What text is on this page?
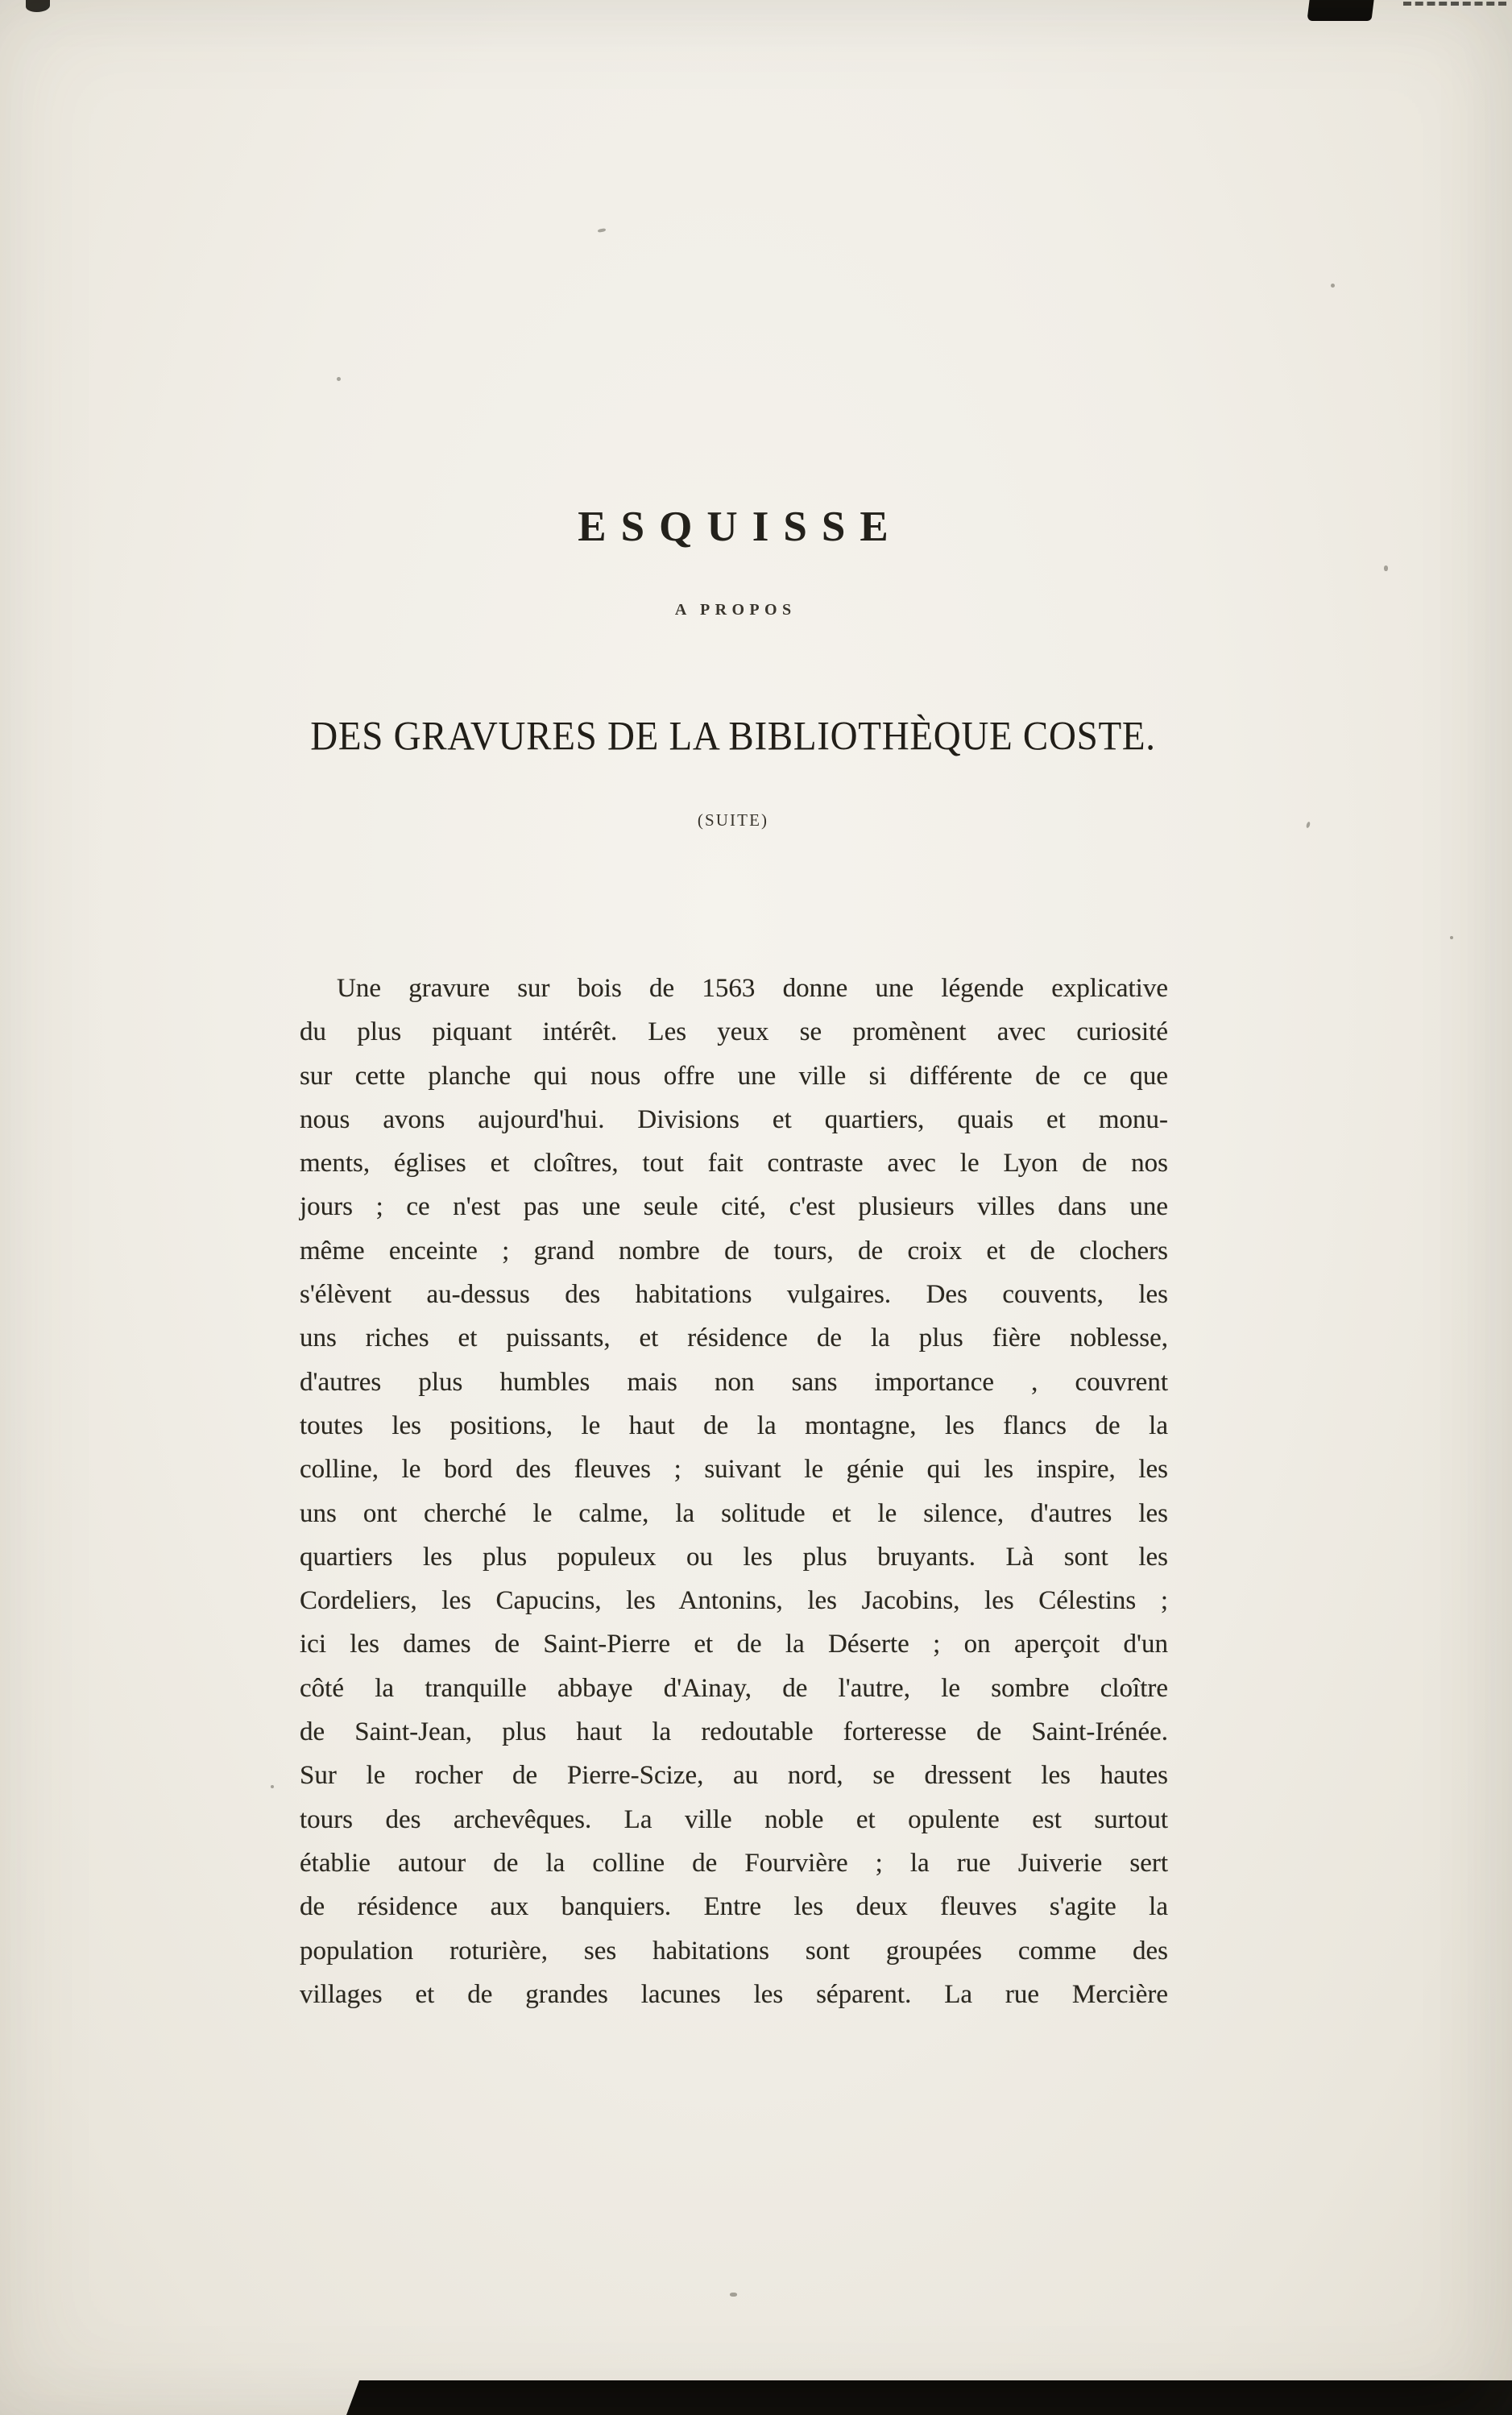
ESQUISSE
A PROPOS
DES GRAVURES DE LA BIBLIOTHÈQUE COSTE.
(SUITE)
Une gravure sur bois de 1563 donne une légende explicative
du plus piquant intérêt. Les yeux se promènent avec curiosité
sur cette planche qui nous offre une ville si différente de ce que
nous avons aujourd'hui. Divisions et quartiers, quais et monu-
ments, églises et cloîtres, tout fait contraste avec le Lyon de nos
jours ; ce n'est pas une seule cité, c'est plusieurs villes dans une
même enceinte ; grand nombre de tours, de croix et de clochers
s'élèvent au-dessus des habitations vulgaires. Des couvents, les
uns riches et puissants, et résidence de la plus fière noblesse,
d'autres plus humbles mais non sans importance , couvrent
toutes les positions, le haut de la montagne, les flancs de la
colline, le bord des fleuves ; suivant le génie qui les inspire, les
uns ont cherché le calme, la solitude et le silence, d'autres les
quartiers les plus populeux ou les plus bruyants. Là sont les
Cordeliers, les Capucins, les Antonins, les Jacobins, les Célestins ;
ici les dames de Saint-Pierre et de la Déserte ; on aperçoit d'un
côté la tranquille abbaye d'Ainay, de l'autre, le sombre cloître
de Saint-Jean, plus haut la redoutable forteresse de Saint-Irénée.
Sur le rocher de Pierre-Scize, au nord, se dressent les hautes
tours des archevêques. La ville noble et opulente est surtout
établie autour de la colline de Fourvière ; la rue Juiverie sert
de résidence aux banquiers. Entre les deux fleuves s'agite la
population roturière, ses habitations sont groupées comme des
villages et de grandes lacunes les séparent. La rue Mercière
